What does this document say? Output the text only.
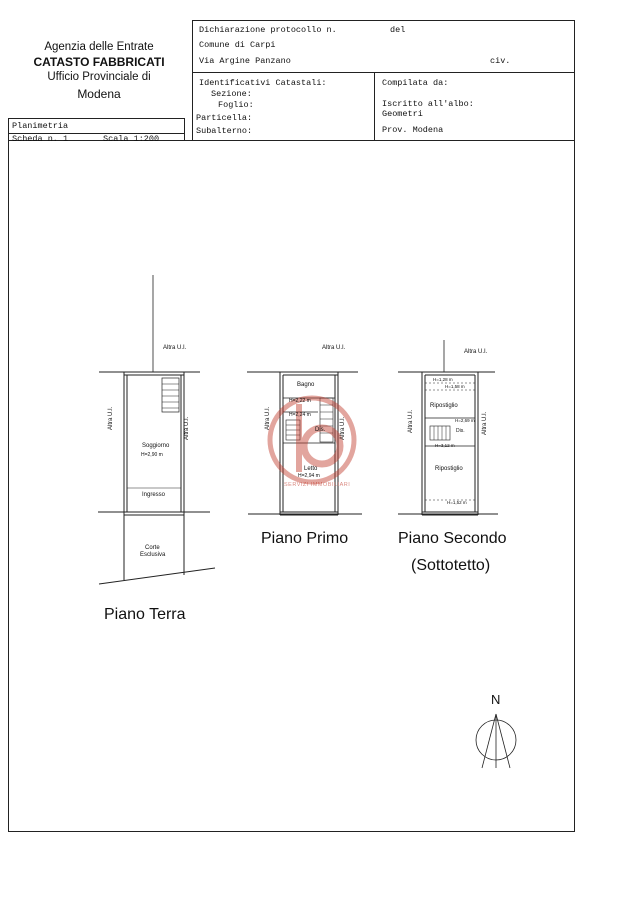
Agenzia delle Entrate
CATASTO FABBRICATI
Ufficio Provinciale di
Modena
Dichiarazione protocollo n.	del
Comune di Carpi
Via Argine Panzano	civ.
Identificativi Catastali:
Sezione:
Foglio:
Particella:
Subalterno:
Compilata da:
Iscritto all'albo:
Geometri
Prov. Modena
Planimetria
Scheda n. 1	Scala 1:200
Altra U.I.
Altra U.I.	Altra U.I.
Soggiorno
H=2,90 m
Ingresso
Corte
Esclusiva
Altra U.I.
Altra U.I.	Altra U.I.
Bagno
H=2,22 m
H=2,24 m
Dis.
Letto
H=2,94 m
SERVIZI IMMOBILIARI
Altra U.I.
Altra U.I.	Altra U.I.
H=1,28 m
H=1,58 m
Ripostiglio
H=2,69 m
Dis.
H=3,12 m
Ripostiglio
H=1,52 m
Piano Terra
Piano Primo	Piano Secondo
(Sottotetto)
N
